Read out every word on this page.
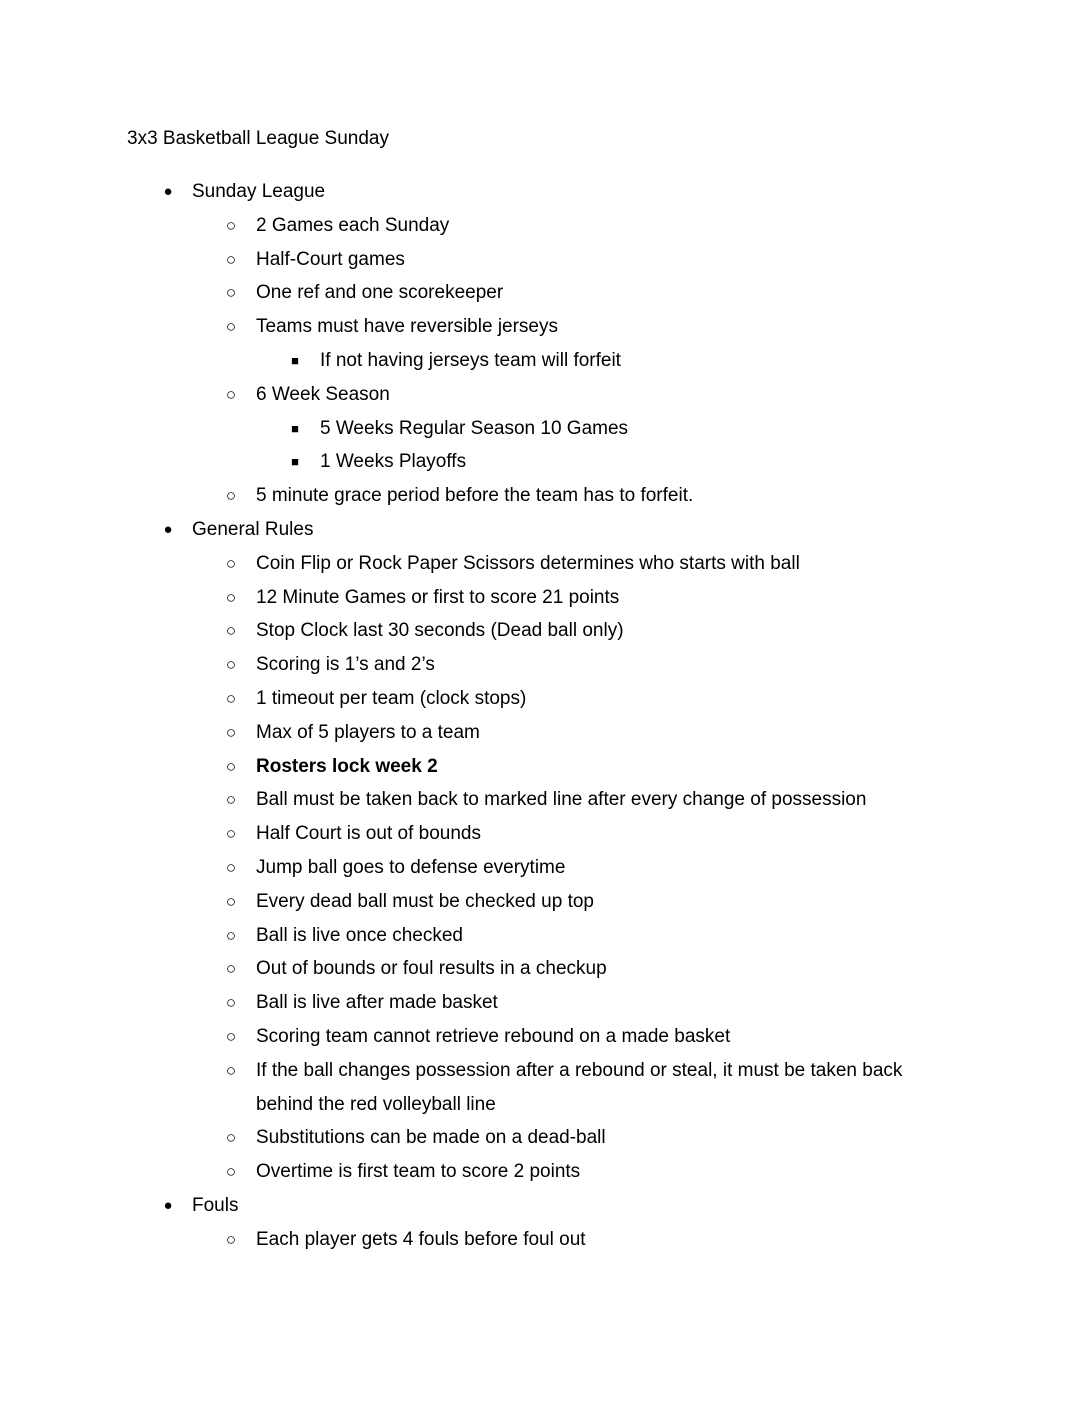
3x3 Basketball League Sunday
● Sunday League
○ 2 Games each Sunday
○ Half-Court games
○ One ref and one scorekeeper
○ Teams must have reversible jerseys
■	If not having jerseys team will forfeit
○ 6 Week Season
■	5 Weeks Regular Season 10 Games
■	1 Weeks Playoffs
○ 5 minute grace period before the team has to forfeit.
● General Rules
○ Coin Flip or Rock Paper Scissors determines who starts with ball
○ 12 Minute Games or first to score 21 points
○ Stop Clock last 30 seconds (Dead ball only)
○ Scoring is 1’s and 2’s
○ 1 timeout per team (clock stops)
○ Max of 5 players to a team
○ Rosters lock week 2
○ Ball must be taken back to marked line after every change of possession
○ Half Court is out of bounds
○ Jump ball goes to defense everytime
○ Every dead ball must be checked up top
○ Ball is live once checked
○ Out of bounds or foul results in a checkup
○ Ball is live after made basket
○ Scoring team cannot retrieve rebound on a made basket
○ If the ball changes possession after a rebound or steal, it must be taken back
behind the red volleyball line
○ Substitutions can be made on a dead-ball
○ Overtime is first team to score 2 points
● Fouls
○ Each player gets 4 fouls before foul out
